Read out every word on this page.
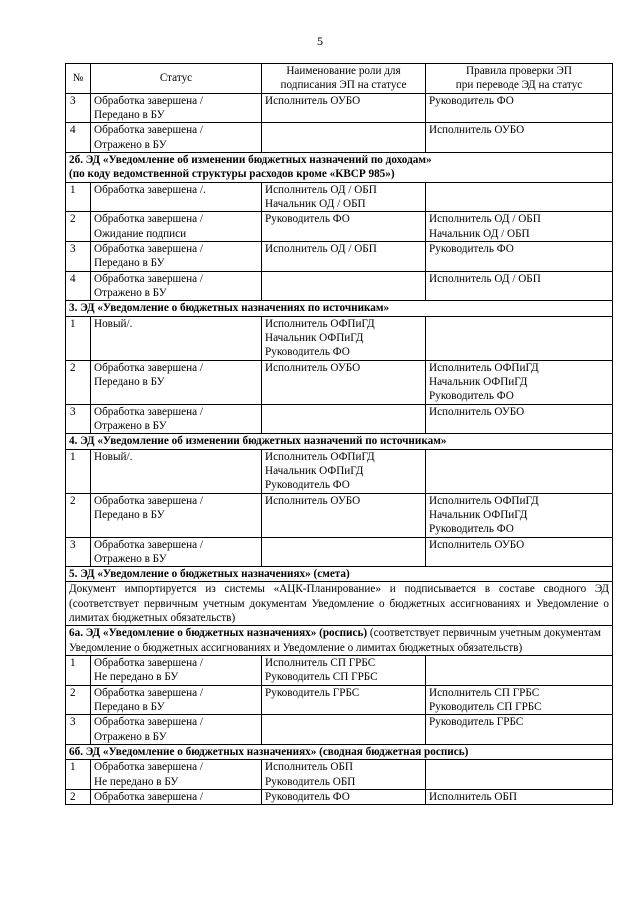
5
№	Статус	Наименование роли для
подписания ЭП на статусе	Правила проверки ЭП
при переводе ЭД на статус
3	Обработка завершена /
Передано в БУ	Исполнитель ОУБО	Руководитель ФО
4	Обработка завершена /
Отражено в БУ		Исполнитель ОУБО
2б. ЭД «Уведомление об изменении бюджетных назначений по доходам»
(по коду ведомственной структуры расходов кроме «КВСР 985»)			
1	Обработка завершена /.	Исполнитель ОД / ОБП
Начальник ОД / ОБП	
2	Обработка завершена /
Ожидание подписи	Руководитель ФО	Исполнитель ОД / ОБП
Начальник ОД / ОБП
3	Обработка завершена /
Передано в БУ	Исполнитель ОД / ОБП	Руководитель ФО
4	Обработка завершена /
Отражено в БУ		Исполнитель ОД / ОБП
3. ЭД «Уведомление о бюджетных назначениях по источникам»			
1	Новый/.	Исполнитель ОФПиГД
Начальник ОФПиГД
Руководитель ФО	
2	Обработка завершена /
Передано в БУ	Исполнитель ОУБО	Исполнитель ОФПиГД
Начальник ОФПиГД
Руководитель ФО
3	Обработка завершена /
Отражено в БУ		Исполнитель ОУБО
4. ЭД «Уведомление об изменении бюджетных назначений по источникам»			
1	Новый/.	Исполнитель ОФПиГД
Начальник ОФПиГД
Руководитель ФО	
2	Обработка завершена /
Передано в БУ	Исполнитель ОУБО	Исполнитель ОФПиГД
Начальник ОФПиГД
Руководитель ФО
3	Обработка завершена /
Отражено в БУ		Исполнитель ОУБО
5. ЭД «Уведомление о бюджетных назначениях» (смета)			
Документ импортируется из системы «АЦК-Планирование» и подписывается в составе сводного ЭД (соответствует первичным учетным документам Уведомление о бюджетных ассигнованиях и Уведомление о лимитах бюджетных обязательств)			
6а. ЭД «Уведомление о бюджетных назначениях» (роспись) (соответствует первичным учетным документам Уведомление о бюджетных ассигнованиях и Уведомление о лимитах бюджетных обязательств)			
1	Обработка завершена /
Не передано в БУ	Исполнитель СП ГРБС
Руководитель СП ГРБС	
2	Обработка завершена /
Передано в БУ	Руководитель ГРБС	Исполнитель СП ГРБС
Руководитель СП ГРБС
3	Обработка завершена /
Отражено в БУ		Руководитель ГРБС
6б. ЭД «Уведомление о бюджетных назначениях» (сводная бюджетная роспись)			
1	Обработка завершена /
Не передано в БУ	Исполнитель ОБП
Руководитель ОБП	
2	Обработка завершена /	Руководитель ФО	Исполнитель ОБП
